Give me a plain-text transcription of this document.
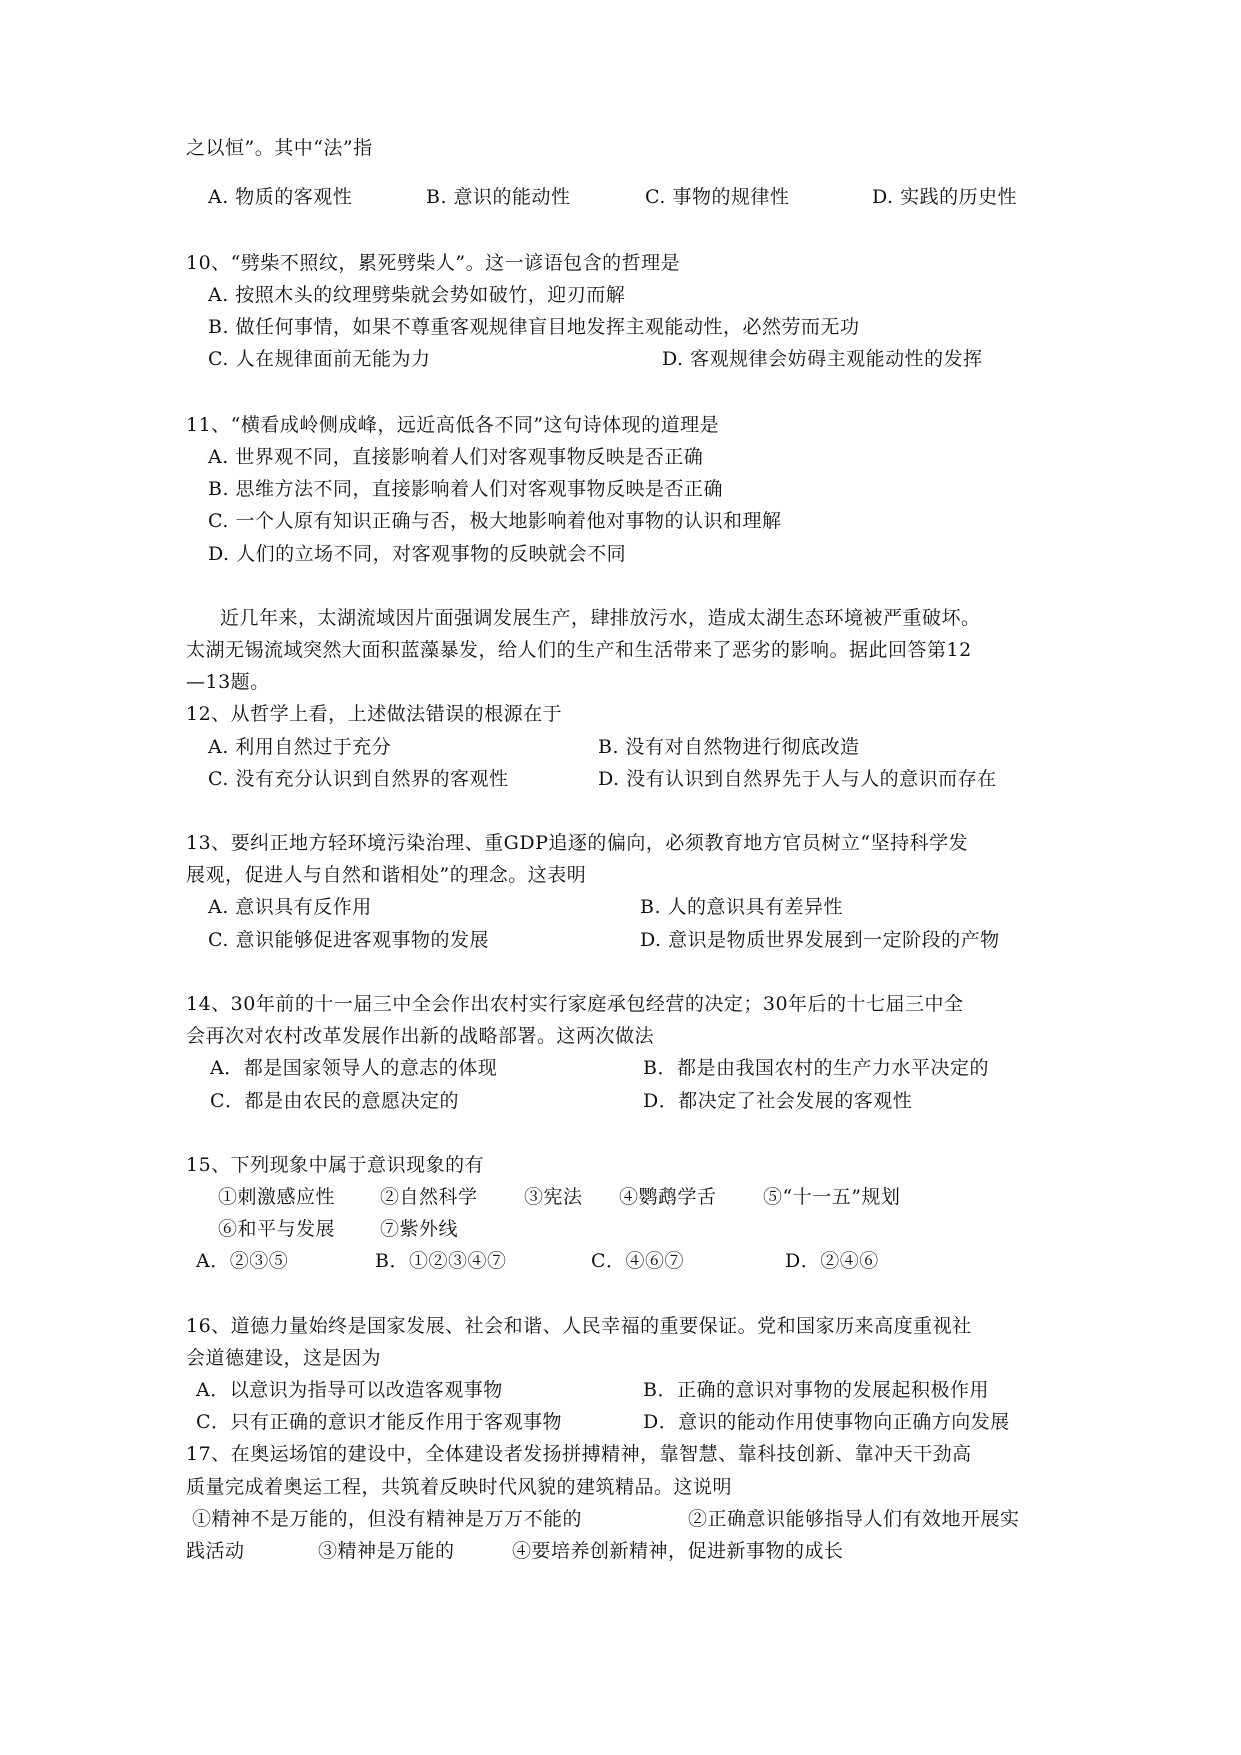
之以恒”。其中“法”指
A. 物质的客观性	B. 意识的能动性	C. 事物的规律性	D. 实践的历史性
10、“劈柴不照纹，累死劈柴人”。这一谚语包含的哲理是
A. 按照木头的纹理劈柴就会势如破竹，迎刃而解
B. 做任何事情，如果不尊重客观规律盲目地发挥主观能动性，必然劳而无功
C. 人在规律面前无能为力	D. 客观规律会妨碍主观能动性的发挥
11、“横看成岭侧成峰，远近高低各不同”这句诗体现的道理是
A. 世界观不同，直接影响着人们对客观事物反映是否正确
B. 思维方法不同，直接影响着人们对客观事物反映是否正确
C. 一个人原有知识正确与否，极大地影响着他对事物的认识和理解
D. 人们的立场不同，对客观事物的反映就会不同
近几年来，太湖流域因片面强调发展生产，肆排放污水，造成太湖生态环境被严重破坏。
太湖无锡流域突然大面积蓝藻暴发，给人们的生产和生活带来了恶劣的影响。据此回答第12
—13题。
12、从哲学上看，上述做法错误的根源在于
A. 利用自然过于充分	B. 没有对自然物进行彻底改造
C. 没有充分认识到自然界的客观性	D. 没有认识到自然界先于人与人的意识而存在
13、要纠正地方轻环境污染治理、重GDP追逐的偏向，必须教育地方官员树立“坚持科学发
展观，促进人与自然和谐相处”的理念。这表明
A. 意识具有反作用	B. 人的意识具有差异性
C. 意识能够促进客观事物的发展	D. 意识是物质世界发展到一定阶段的产物
14、30年前的十一届三中全会作出农村实行家庭承包经营的决定；30年后的十七届三中全
会再次对农村改革发展作出新的战略部署。这两次做法
A．都是国家领导人的意志的体现	B．都是由我国农村的生产力水平决定的
C．都是由农民的意愿决定的	D．都决定了社会发展的客观性
15、下列现象中属于意识现象的有
①刺激感应性 ②自然科学 ③宪法 ④鹦鹉学舌 ⑤“十一五”规划
⑥和平与发展 ⑦紫外线
A．②③⑤	B．①②③④⑦	C．④⑥⑦	D．②④⑥
16、道德力量始终是国家发展、社会和谐、人民幸福的重要保证。党和国家历来高度重视社
会道德建设，这是因为
A．以意识为指导可以改造客观事物	B．正确的意识对事物的发展起积极作用
C．只有正确的意识才能反作用于客观事物	D．意识的能动作用使事物向正确方向发展
17、在奥运场馆的建设中，全体建设者发扬拼搏精神，靠智慧、靠科技创新、靠冲天干劲高
质量完成着奥运工程，共筑着反映时代风貌的建筑精品。这说明
①精神不是万能的，但没有精神是万万不能的	②正确意识能够指导人们有效地开展实
践活动	③精神是万能的	④要培养创新精神，促进新事物的成长
